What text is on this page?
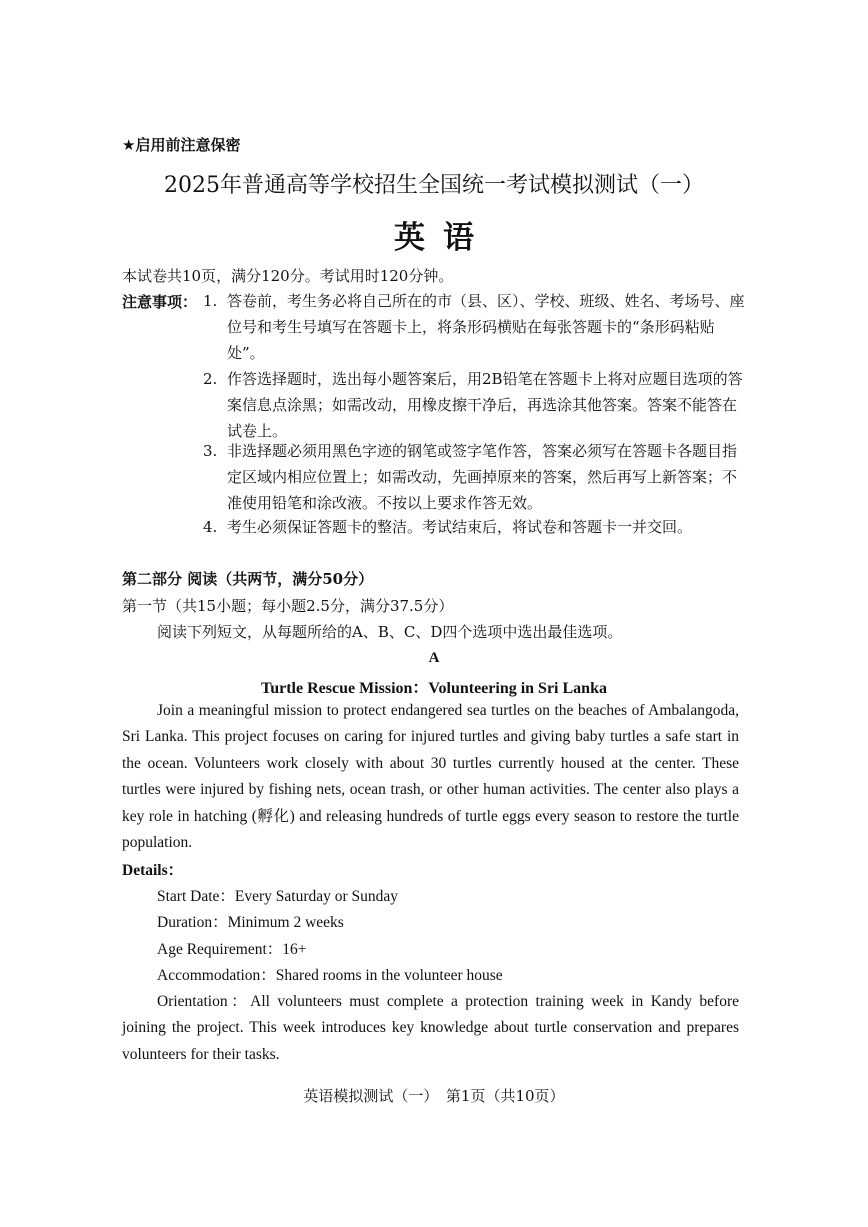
★启用前注意保密
2025年普通高等学校招生全国统一考试模拟测试（一）
英语
本试卷共10页，满分120分。考试用时120分钟。
注意事项： 1. 答卷前，考生务必将自己所在的市（县、区）、学校、班级、姓名、考场号、座位号和考生号填写在答题卡上，将条形码横贴在每张答题卡的“条形码粘贴处”。
2. 作答选择题时，选出每小题答案后，用2B铅笔在答题卡上将对应题目选项的答案信息点涂黑；如需改动，用橡皮擦干净后，再选涂其他答案。答案不能答在试卷上。
3. 非选择题必须用黑色字迹的钢笔或签字笔作答，答案必须写在答题卡各题目指定区域内相应位置上；如需改动，先画掉原来的答案，然后再写上新答案；不准使用铅笔和涂改液。不按以上要求作答无效。
4. 考生必须保证答题卡的整洁。考试结束后，将试卷和答题卡一并交回。
第二部分 阅读（共两节，满分50分）
第一节（共15小题；每小题2.5分，满分37.5分）
阅读下列短文，从每题所给的A、B、C、D四个选项中选出最佳选项。
A
Turtle Rescue Mission：Volunteering in Sri Lanka
Join a meaningful mission to protect endangered sea turtles on the beaches of Ambalangoda, Sri Lanka. This project focuses on caring for injured turtles and giving baby turtles a safe start in the ocean. Volunteers work closely with about 30 turtles currently housed at the center. These turtles were injured by fishing nets, ocean trash, or other human activities. The center also plays a key role in hatching (孵化) and releasing hundreds of turtle eggs every season to restore the turtle population.
Details：
Start Date：Every Saturday or Sunday
Duration：Minimum 2 weeks
Age Requirement：16+
Accommodation：Shared rooms in the volunteer house
Orientation：All volunteers must complete a protection training week in Kandy before joining the project. This week introduces key knowledge about turtle conservation and prepares volunteers for their tasks.
英语模拟测试（一）　第1页（共10页）
